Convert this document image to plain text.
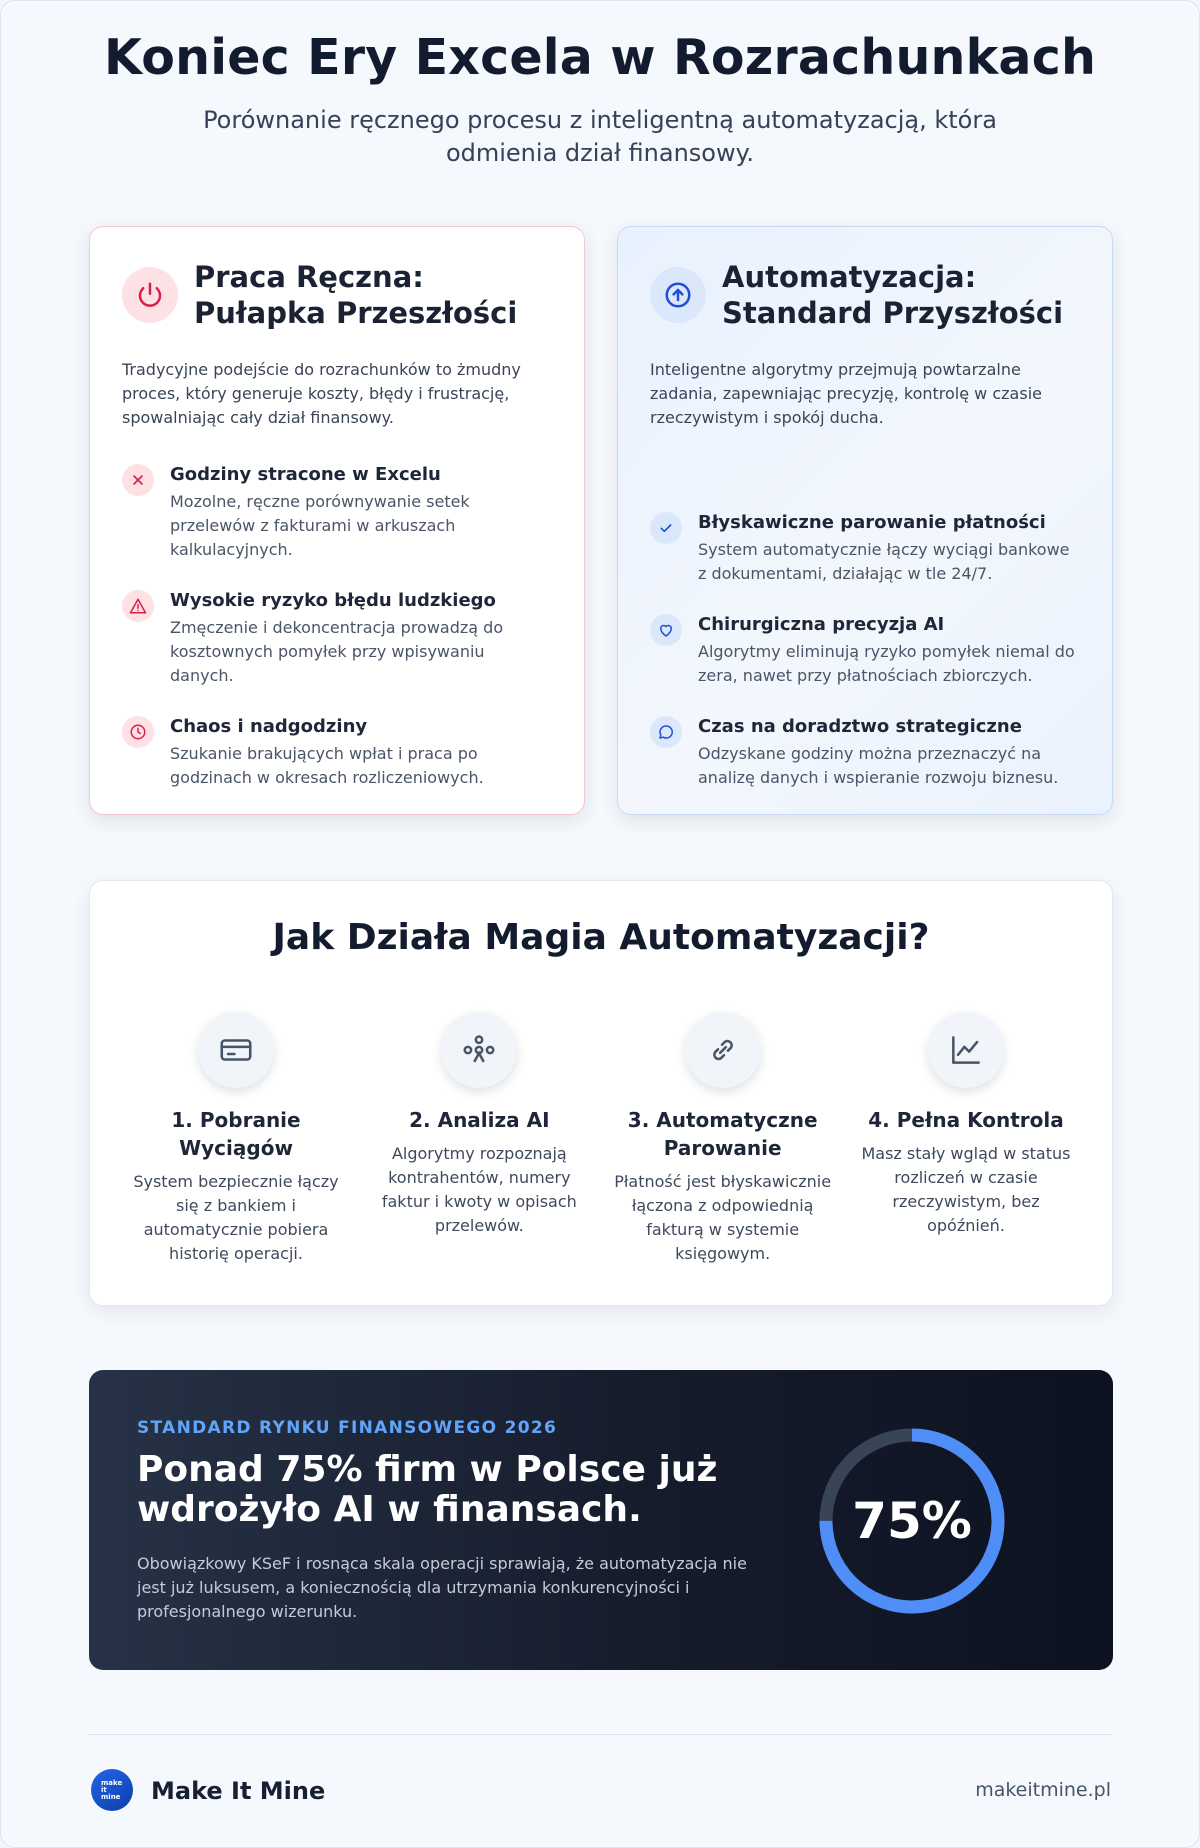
Koniec Ery Excela w Rozrachunkach

Porównanie ręcznego procesu z inteligentną automatyzacją, która odmienia dział finansowy.

Praca Ręczna: Pułapka Przeszłości

Tradycyjne podejście do rozrachunków to żmudny proces, który generuje koszty, błędy i frustrację, spowalniając cały dział finansowy.

Godziny stracone w Excelu

Mozolne, ręczne porównywanie setek przelewów z fakturami w arkuszach kalkulacyjnych.

Wysokie ryzyko błędu ludzkiego

Zmęczenie i dekoncentracja prowadzą do kosztownych pomyłek przy wpisywaniu danych.

Chaos i nadgodziny

Szukanie brakujących wpłat i praca po godzinach w okresach rozliczeniowych.

Automatyzacja: Standard Przyszłości

Inteligentne algorytmy przejmują powtarzalne zadania, zapewniając precyzję, kontrolę w czasie rzeczywistym i spokój ducha.

Błyskawiczne parowanie płatności

System automatycznie łączy wyciągi bankowe z dokumentami, działając w tle 24/7.

Chirurgiczna precyzja AI

Algorytmy eliminują ryzyko pomyłek niemal do zera, nawet przy płatnościach zbiorczych.

Czas na doradztwo strategiczne

Odzyskane godziny można przeznaczyć na analizę danych i wspieranie rozwoju biznesu.

Jak Działa Magia Automatyzacji?
1. Pobranie Wyciągów

System bezpiecznie łączy się z bankiem i automatycznie pobiera historię operacji.

2. Analiza AI

Algorytmy rozpoznają kontrahentów, numery faktur i kwoty w opisach przelewów.

3. Automatyczne Parowanie

Płatność jest błyskawicznie łączona z odpowiednią fakturą w systemie księgowym.

4. Pełna Kontrola

Masz stały wgląd w status rozliczeń w czasie rzeczywistym, bez opóźnień.

STANDARD RYNKU FINANSOWEGO 2026
Ponad 75% firm w Polsce już wdrożyło AI w finansach.
Obowiązkowy KSeF i rosnąca skala operacji sprawiają, że automatyzacja nie jest już luksusem, a koniecznością dla utrzymania konkurencyjności i profesjonalnego wizerunku.
75%
make it mine Make It Mine	makeitmine.pl
